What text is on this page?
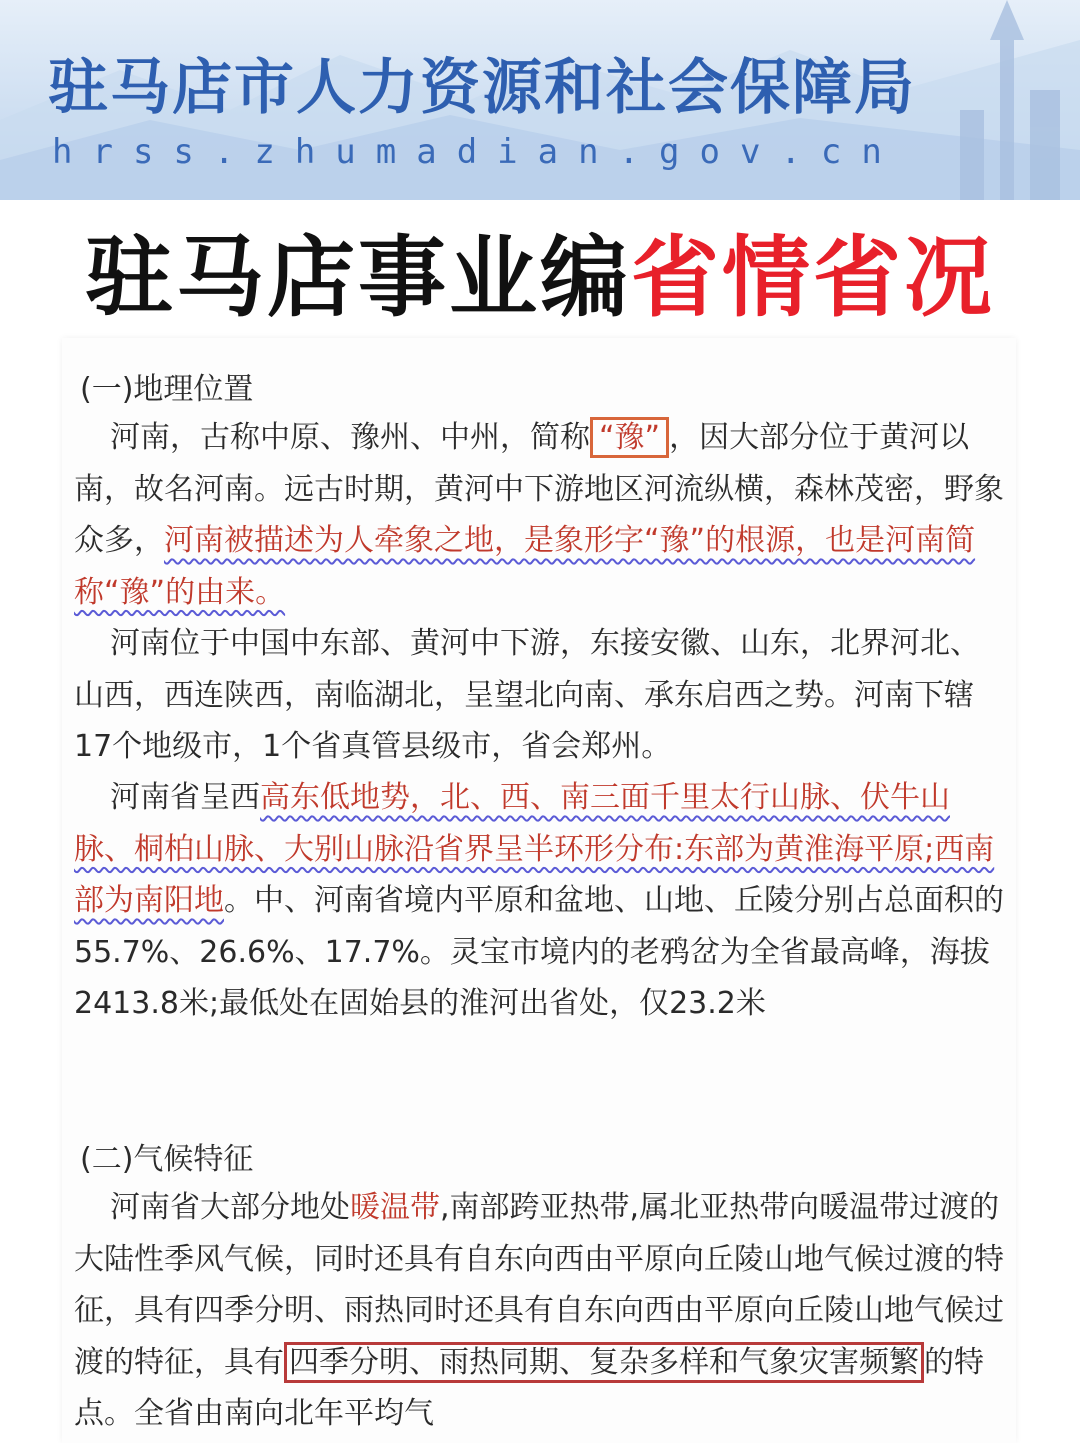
驻马店市人力资源和社会保障局
hrss.zhumadian.gov.cn
驻马店事业编省情省况
(一)地理位置

河南，古称中原、豫州、中州，简称 “豫” ，因大部分位于黄河以南，故名河南。远古时期，黄河中下游地区河流纵横，森林茂密，野象众多，河南被描述为人牵象之地，是象形字“豫”的根源，也是河南简称“豫”的由来。

河南位于中国中东部、黄河中下游，东接安徽、山东，北界河北、山西，西连陕西，南临湖北，呈望北向南、承东启西之势。河南下辖17个地级市，1个省真管县级市，省会郑州。

河南省呈西高东低地势，北、西、南三面千里太行山脉、伏牛山脉、桐柏山脉、大别山脉沿省界呈半环形分布:东部为黄淮海平原;西南部为南阳地。中、河南省境内平原和盆地、山地、丘陵分别占总面积的55.7%、26.6%、17.7%。灵宝市境内的老鸦岔为全省最高峰，海拔2413.8米;最低处在固始县的淮河出省处，仅23.2米

(二)气候特征

河南省大部分地处暖温带,南部跨亚热带,属北亚热带向暖温带过渡的大陆性季风气候，同时还具有自东向西由平原向丘陵山地气候过渡的特征，具有四季分明、雨热同时还具有自东向西由平原向丘陵山地气候过渡的特征，具有 四季分明、雨热同期、复杂多样和气象灾害频繁 的特点。全省由南向北年平均气
